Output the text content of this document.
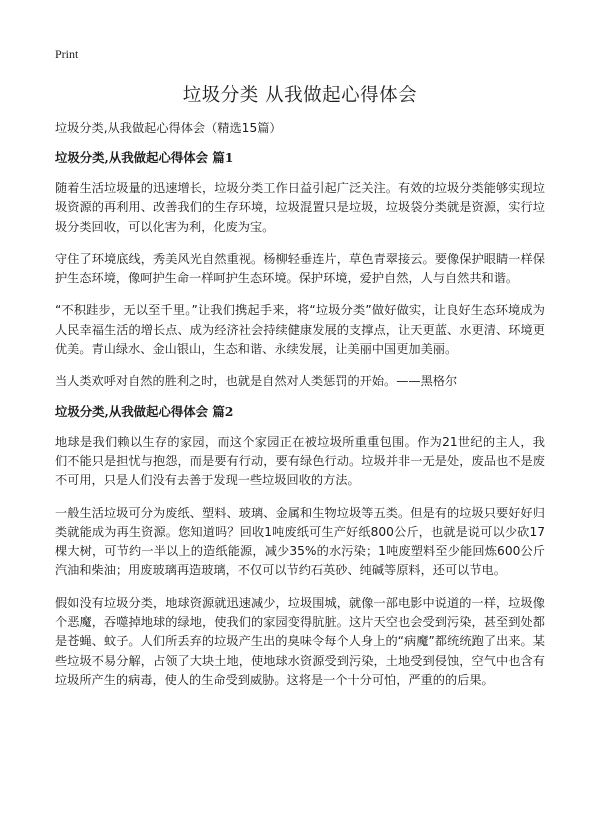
Print
垃圾分类 从我做起心得体会
垃圾分类,从我做起心得体会（精选15篇）
垃圾分类,从我做起心得体会 篇1

随着生活垃圾量的迅速增长，垃圾分类工作日益引起广泛关注。有效的垃圾分类能够实现垃圾资源的再利用、改善我们的生存环境，垃圾混置只是垃圾，垃圾袋分类就是资源，实行垃圾分类回收，可以化害为利，化废为宝。

守住了环境底线，秀美风光自然重视。杨柳轻垂连片，草色青翠接云。要像保护眼睛一样保护生态环境，像呵护生命一样呵护生态环境。保护环境，爱护自然，人与自然共和谐。

“不积跬步，无以至千里。”让我们携起手来，将“垃圾分类”做好做实，让良好生态环境成为人民幸福生活的增长点、成为经济社会持续健康发展的支撑点，让天更蓝、水更清、环境更优美。青山绿水、金山银山，生态和谐、永续发展，让美丽中国更加美丽。

当人类欢呼对自然的胜利之时，也就是自然对人类惩罚的开始。——黑格尔

垃圾分类,从我做起心得体会 篇2

地球是我们赖以生存的家园，而这个家园正在被垃圾所重重包围。作为21世纪的主人，我们不能只是担忧与抱怨，而是要有行动，要有绿色行动。垃圾并非一无是处，废品也不是废不可用，只是人们没有去善于发现一些垃圾回收的方法。

一般生活垃圾可分为废纸、塑料、玻璃、金属和生物垃圾等五类。但是有的垃圾只要好好归类就能成为再生资源。您知道吗？回收1吨废纸可生产好纸800公斤，也就是说可以少砍17棵大树，可节约一半以上的造纸能源，减少35%的水污染；1吨废塑料至少能回炼600公斤汽油和柴油；用废玻璃再造玻璃，不仅可以节约石英砂、纯碱等原料，还可以节电。

假如没有垃圾分类，地球资源就迅速减少，垃圾围城，就像一部电影中说道的一样，垃圾像个恶魔，吞噬掉地球的绿地，使我们的家园变得肮脏。这片天空也会受到污染，甚至到处都是苍蝇、蚊子。人们所丢弃的垃圾产生出的臭味令每个人身上的“病魔”都统统跑了出来。某些垃圾不易分解，占领了大块土地，使地球水资源受到污染，土地受到侵蚀，空气中也含有垃圾所产生的病毒，使人的生命受到威胁。这将是一个十分可怕，严重的的后果。
